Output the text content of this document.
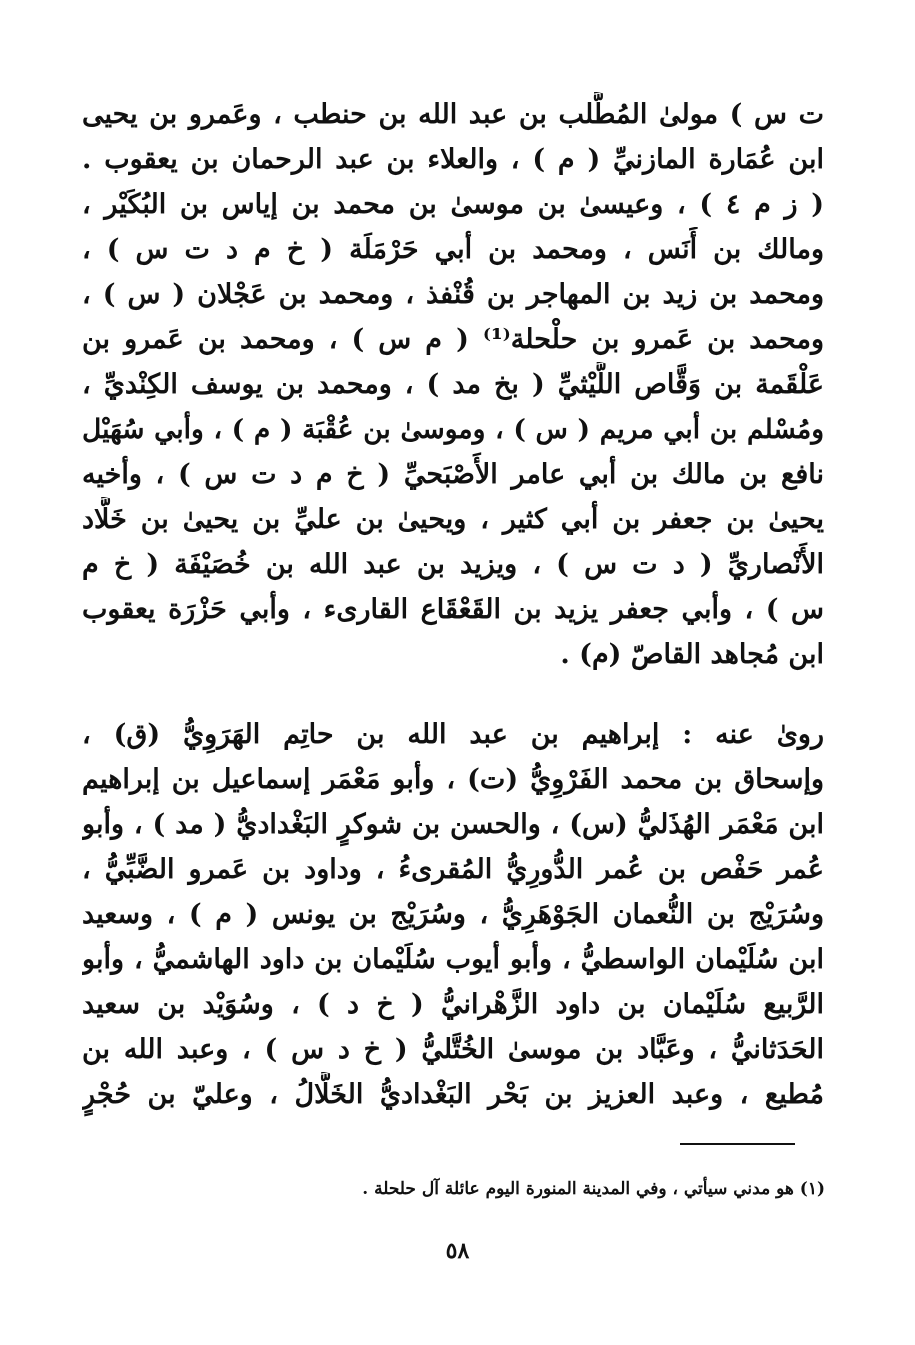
ت س ) مولىٰ المُطَّلب بن عبد الله بن حنطب ، وعَمرو بن يحيى
ابن عُمَارة المازنيِّ ( م ) ، والعلاء بن عبد الرحمان بن يعقوب .
( ز م ٤ ) ، وعيسىٰ بن موسىٰ بن محمد بن إياس بن البُكَيْر ،
ومالك بن أَنَس ، ومحمد بن أبي حَرْمَلَة ( خ م د ت س ) ،
ومحمد بن زيد بن المهاجر بن قُنْفذ ، ومحمد بن عَجْلان ( س ) ،
ومحمد بن عَمرو بن حلْحلة⁽¹⁾ ( م س ) ، ومحمد بن عَمرو بن
عَلْقَمة بن وَقَّاص اللَّيْثيِّ ( بخ مد ) ، ومحمد بن يوسف الكِنْديِّ ،
ومُسْلم بن أبي مريم ( س ) ، وموسىٰ بن عُقْبَة ( م ) ، وأبي سُهَيْل
نافع بن مالك بن أبي عامر الأَصْبَحيِّ ( خ م د ت س ) ، وأخيه
يحيىٰ بن جعفر بن أبي كثير ، ويحيىٰ بن عليِّ بن يحيىٰ بن خَلَّاد
الأَنْصاريِّ ( د ت س ) ، ويزيد بن عبد الله بن خُصَيْفَة ( خ م
س ) ، وأبي جعفر يزيد بن القَعْقَاع القارىء ، وأبي حَزْرَة يعقوب
ابن مُجاهد القاصّ (م) .
روىٰ عنه : إبراهيم بن عبد الله بن حاتِم الهَرَوِيُّ (ق) ،
وإسحاق بن محمد الفَرْوِيُّ (ت) ، وأبو مَعْمَر إسماعيل بن إبراهيم
ابن مَعْمَر الهُذَليُّ (س) ، والحسن بن شوكرٍ البَغْداديُّ ( مد ) ، وأبو
عُمر حَفْص بن عُمر الدُّورِيُّ المُقرىءُ ، وداود بن عَمرو الضَّبِّيُّ ،
وسُرَيْج بن النُّعمان الجَوْهَرِيُّ ، وسُرَيْج بن يونس ( م ) ، وسعيد
ابن سُلَيْمان الواسطيُّ ، وأبو أيوب سُلَيْمان بن داود الهاشميُّ ، وأبو
الرَّبيع سُلَيْمان بن داود الزَّهْرانيُّ ( خ د ) ، وسُوَيْد بن سعيد
الحَدَثانيُّ ، وعَبَّاد بن موسىٰ الخُتَّليُّ ( خ د س ) ، وعبد الله بن
مُطيع ، وعبد العزيز بن بَحْر البَغْداديُّ الخَلَّالُ ، وعليّ بن حُجْرٍ
(١) هو مدني سيأتي ، وفي المدينة المنورة اليوم عائلة آل حلحلة .
٥٨
